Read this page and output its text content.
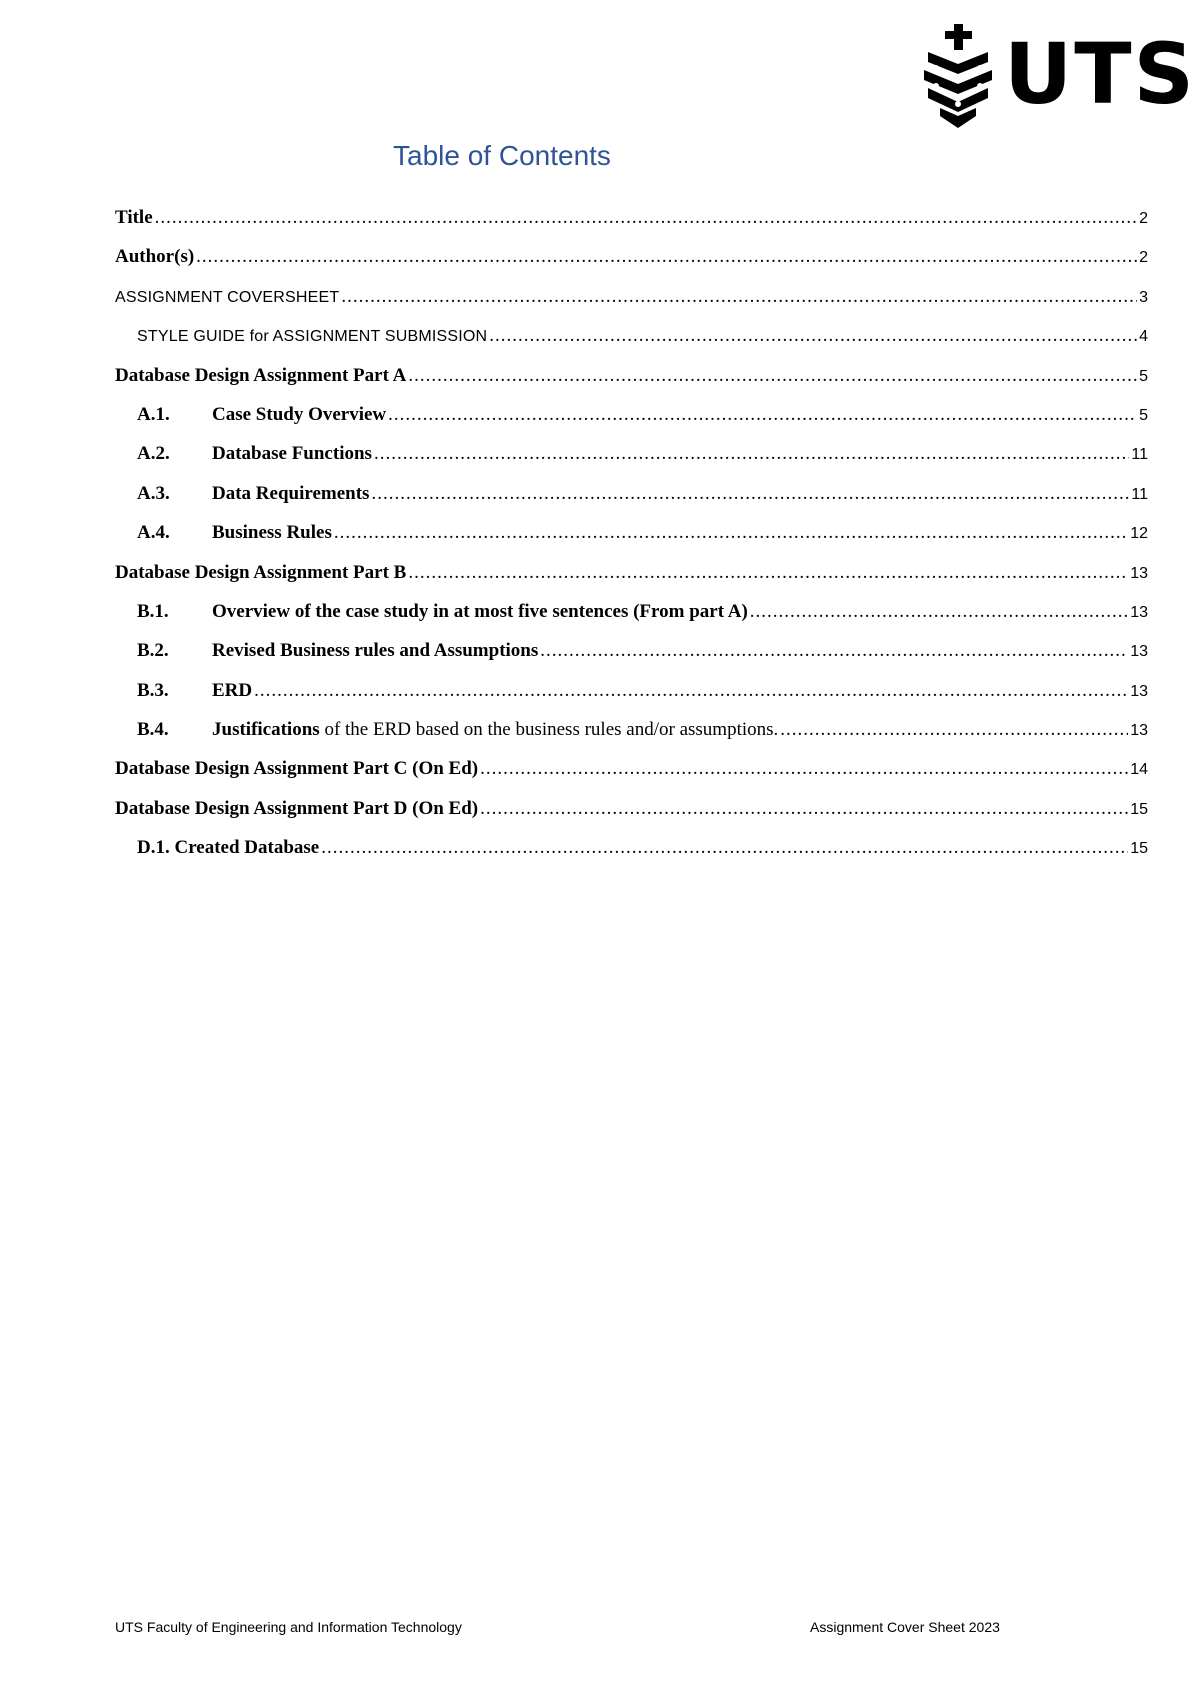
UTS
Table of Contents
Title .....	2
Author(s) .....	2
ASSIGNMENT COVERSHEET .....	3
STYLE GUIDE for ASSIGNMENT SUBMISSION .....	4
Database Design Assignment Part A .....	5
A.1.	Case Study Overview .....	5
A.2.	Database Functions .....	11
A.3.	Data Requirements .....	11
A.4.	Business Rules .....	12
Database Design Assignment Part B .....	13
B.1.	Overview of the case study in at most five sentences (From part A) .....	13
B.2.	Revised Business rules and Assumptions .....	13
B.3.	ERD .....	13
B.4.	Justifications of the ERD based on the business rules and/or assumptions. .....	13
Database Design Assignment Part C (On Ed) .....	14
Database Design Assignment Part D (On Ed) .....	15
D.1. Created Database .....	15
UTS Faculty of Engineering and Information Technology	Assignment Cover Sheet 2023
